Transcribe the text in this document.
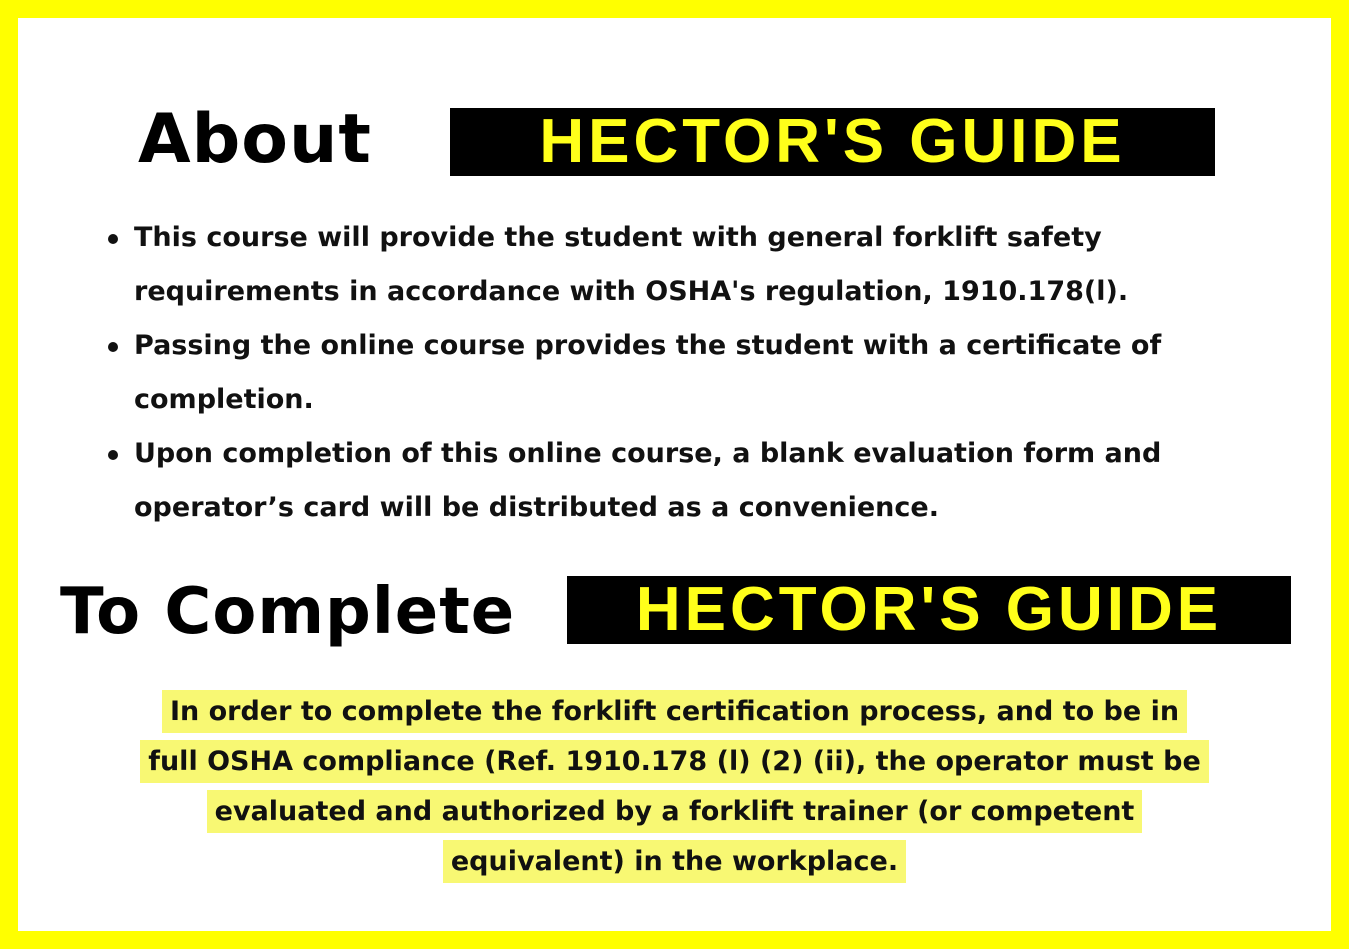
About	HECTOR'S GUIDE
This course will provide the student with general forklift safety
requirements in accordance with OSHA's regulation, 1910.178(l).
Passing the online course provides the student with a certificate of
completion.
Upon completion of this online course, a blank evaluation form and
operator’s card will be distributed as a convenience.
To Complete	HECTOR'S GUIDE
In order to complete the forklift certification process, and to be in
full OSHA compliance (Ref. 1910.178 (l) (2) (ii), the operator must be
evaluated and authorized by a forklift trainer (or competent
equivalent) in the workplace.
